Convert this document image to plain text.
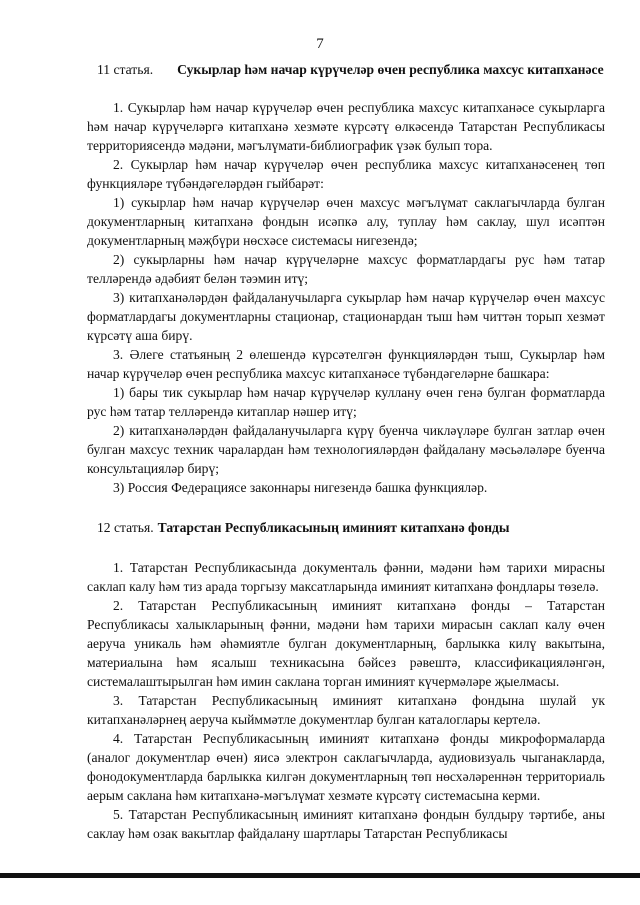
7
11 статья. Сукырлар һәм начар күрүчеләр өчен республика махсус китапханәсе

1. Сукырлар һәм начар күрүчеләр өчен республика махсус китапханәсе сукырларга һәм начар күрүчеләргә китапханә хезмәте күрсәтү өлкәсендә Татарстан Республикасы территориясендә мәдәни, мәгълүмати-библиографик үзәк булып тора.

2. Сукырлар һәм начар күрүчеләр өчен республика махсус китапханәсенең төп функцияләре түбәндәгеләрдән гыйбарәт:

1) сукырлар һәм начар күрүчеләр өчен махсус мәгълүмат саклагычларда булган документларның китапханә фондын исәпкә алу, туплау һәм саклау, шул исәптән документларның мәҗбүри нөсхәсе системасы нигезендә;

2) сукырларны һәм начар күрүчеләрне махсус форматлардагы рус һәм татар телләрендә әдәбият белән тәэмин итү;

3) китапханәләрдән файдаланучыларга сукырлар һәм начар күрүчеләр өчен махсус форматлардагы документларны стационар, стационардан тыш һәм читтән торып хезмәт күрсәтү аша бирү.

3. Әлеге статьяның 2 өлешендә күрсәтелгән функцияләрдән тыш, Сукырлар һәм начар күрүчеләр өчен республика махсус китапханәсе түбәндәгеләрне башкара:

1) бары тик сукырлар һәм начар күрүчеләр куллану өчен генә булган форматларда рус һәм татар телләрендә китаплар нәшер итү;

2) китапханәләрдән файдаланучыларга күрү буенча чикләүләре булган затлар өчен булган махсус техник чаралардан һәм технологияләрдән файдалану мәсьәләләре буенча консультацияләр бирү;

3) Россия Федерациясе законнары нигезендә башка функцияләр.

12 статья. Татарстан Республикасының иминият китапханә фонды

1. Татарстан Республикасында документаль фәнни, мәдәни һәм тарихи мирасны саклап калу һәм тиз арада торгызу максатларында иминият китапханә фондлары төзелә.

2. Татарстан Республикасының иминият китапханә фонды – Татарстан Республикасы халыкларының фәнни, мәдәни һәм тарихи мирасын саклап калу өчен аеруча уникаль һәм әһәмиятле булган документларның, барлыкка килү вакытына, материалына һәм ясалыш техникасына бәйсез рәвештә, классификацияләнгән, системалаштырылган һәм имин саклана торган иминият күчермәләре җыелмасы.

3. Татарстан Республикасының иминият китапханә фондына шулай ук китапханәләрнең аеруча кыйммәтле документлар булган каталоглары кертелә.

4. Татарстан Республикасының иминият китапханә фонды микроформаларда (аналог документлар өчен) яисә электрон саклагычларда, аудиовизуаль чыганакларда, фонодокументларда барлыкка килгән документларның төп нөсхәләреннән территориаль аерым саклана һәм китапханә-мәгълүмат хезмәте күрсәтү системасына керми.

5. Татарстан Республикасының иминият китапханә фондын булдыру тәртибе, аны саклау һәм озак вакытлар файдалану шартлары Татарстан Республикасы
